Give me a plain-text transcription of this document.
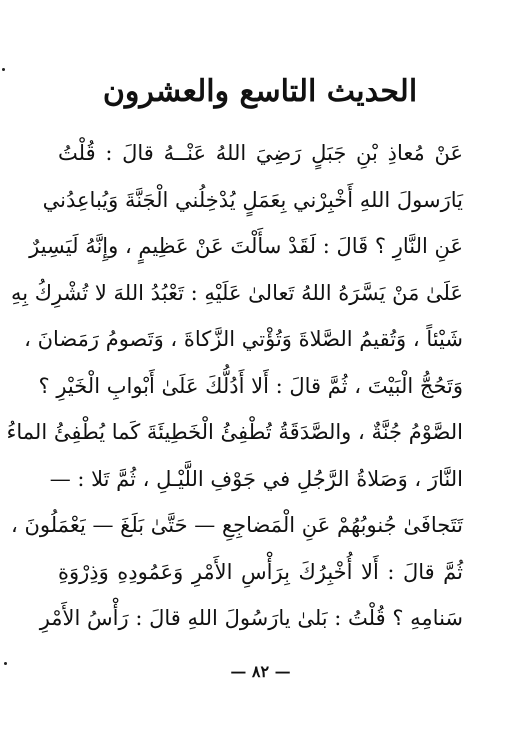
الحديث التاسع والعشرون
عَنْ مُعاذِ بْنِ جَبَلٍ رَضِيَ اللهُ عَنْــهُ قالَ : قُلْتُ
يَارَسولَ اللهِ أَخْبِرْني بِعَمَلٍ يُدْخِلُني الْجَنَّةَ وَيُباعِدُني
عَنِ النَّارِ ؟ قَالَ : لَقَدْ سأَلْتَ عَنْ عَظِيمٍ ، وإِنَّهُ لَيَسِيرٌ
عَلَىٰ مَنْ يَسَّرَهُ اللهُ تَعالىٰ عَلَيْهِ : تَعْبُدُ اللهَ لا تُشْرِكُ بِهِ
شَيْئاً ، وَتُقيمُ الصَّلاةَ وَتُؤْتي الزَّكاةَ ، وَتَصومُ رَمَضانَ ،
وَتَحُجُّ الْبَيْتَ ، ثُمَّ قالَ : أَلا أَدُلُّكَ عَلَىٰ أَبْوابِ الْخَيْرِ ؟
الصَّوْمُ جُنَّةٌ ، والصَّدَقَةُ تُطْفِئُ الْخَطِيئَةَ كَما يُطْفِئُ الماءُ
النَّارَ ، وَصَلاةُ الرَّجُلِ في جَوْفِ اللَّيْـلِ ، ثُمَّ تَلا : —
تَتَجافَىٰ جُنوبُهُمْ عَنِ الْمَضاجِعِ — حَتَّىٰ بَلَغَ — يَعْمَلُونَ ،
ثُمَّ قالَ : أَلا أُخْبِرُكَ بِرَأْسِ الأَمْرِ وَعَمُودِهِ وَذِرْوَةِ
سَنامِهِ ؟ قُلْتُ : بَلىٰ يارَسُولَ اللهِ قالَ : رَأْسُ الأَمْرِ
— ٨٢ —
